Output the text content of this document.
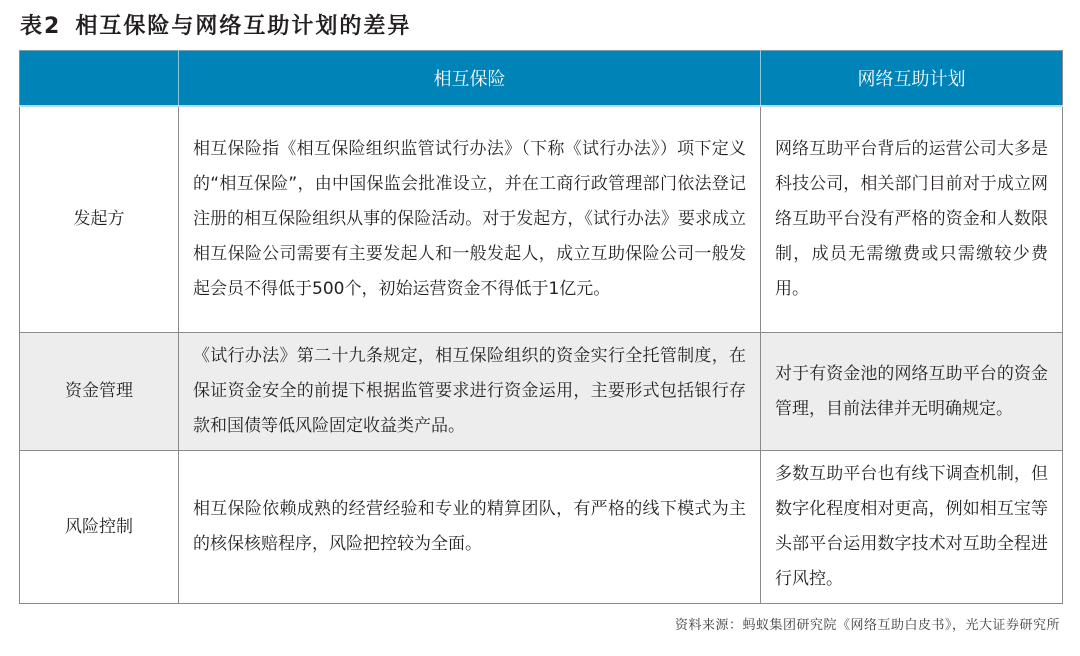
表2 相互保险与网络互助计划的差异
	相互保险	网络互助计划
发起方	相互保险指《相互保险组织监管试行办法》（下称《试行办法》）项下定义的“相互保险”，由中国保监会批准设立，并在工商行政管理部门依法登记注册的相互保险组织从事的保险活动。对于发起方，《试行办法》要求成立相互保险公司需要有主要发起人和一般发起人，成立互助保险公司一般发起会员不得低于500个，初始运营资金不得低于1亿元。	网络互助平台背后的运营公司大多是科技公司，相关部门目前对于成立网络互助平台没有严格的资金和人数限制，成员无需缴费或只需缴较少费用。
资金管理	《试行办法》第二十九条规定，相互保险组织的资金实行全托管制度，在保证资金安全的前提下根据监管要求进行资金运用，主要形式包括银行存款和国债等低风险固定收益类产品。	对于有资金池的网络互助平台的资金管理，目前法律并无明确规定。
风险控制	相互保险依赖成熟的经营经验和专业的精算团队，有严格的线下模式为主的核保核赔程序，风险把控较为全面。	多数互助平台也有线下调查机制，但数字化程度相对更高，例如相互宝等头部平台运用数字技术对互助全程进行风控。
资料来源：蚂蚁集团研究院《网络互助白皮书》，光大证券研究所
